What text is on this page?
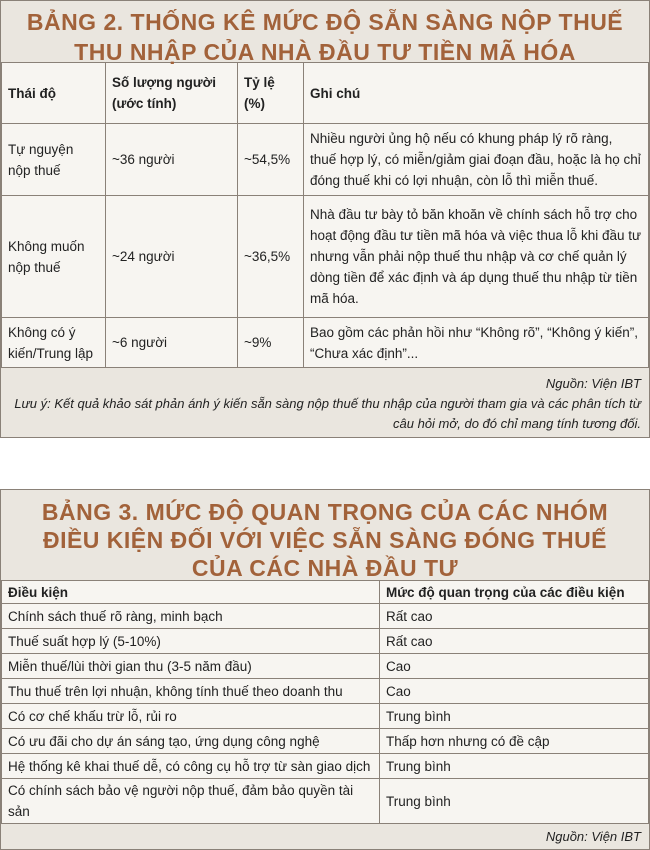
BẢNG 2. THỐNG KÊ MỨC ĐỘ SẴN SÀNG NỘP THUẾ
THU NHẬP CỦA NHÀ ĐẦU TƯ TIỀN MÃ HÓA
Thái độ	Số lượng người (ước tính)	Tỷ lệ (%)	Ghi chú
Tự nguyện nộp thuế	~36 người	~54,5%	Nhiều người ủng hộ nếu có khung pháp lý rõ ràng, thuế hợp lý, có miễn/giảm giai đoạn đầu, hoặc là họ chỉ đóng thuế khi có lợi nhuận, còn lỗ thì miễn thuế.
Không muốn nộp thuế	~24 người	~36,5%	Nhà đầu tư bày tỏ băn khoăn về chính sách hỗ trợ cho hoạt động đầu tư tiền mã hóa và việc thua lỗ khi đầu tư nhưng vẫn phải nộp thuế thu nhập và cơ chế quản lý dòng tiền để xác định và áp dụng thuế thu nhập từ tiền mã hóa.
Không có ý kiến/Trung lập	~6 người	~9%	Bao gồm các phản hồi như “Không rõ”, “Không ý kiến”, “Chưa xác định”...
Nguồn: Viện IBT
Lưu ý: Kết quả khảo sát phản ánh ý kiến sẵn sàng nộp thuế thu nhập của người tham gia và các phân tích từ câu hỏi mở, do đó chỉ mang tính tương đối.
BẢNG 3. MỨC ĐỘ QUAN TRỌNG CỦA CÁC NHÓM
ĐIỀU KIỆN ĐỐI VỚI VIỆC SẴN SÀNG ĐÓNG THUẾ
CỦA CÁC NHÀ ĐẦU TƯ
Điều kiện	Mức độ quan trọng của các điều kiện
Chính sách thuế rõ ràng, minh bạch	Rất cao
Thuế suất hợp lý (5-10%)	Rất cao
Miễn thuế/lùi thời gian thu (3-5 năm đầu)	Cao
Thu thuế trên lợi nhuận, không tính thuế theo doanh thu	Cao
Có cơ chế khấu trừ lỗ, rủi ro	Trung bình
Có ưu đãi cho dự án sáng tạo, ứng dụng công nghệ	Thấp hơn nhưng có đề cập
Hệ thống kê khai thuế dễ, có công cụ hỗ trợ từ sàn giao dịch	Trung bình
Có chính sách bảo vệ người nộp thuế, đảm bảo quyền tài sản	Trung bình
Nguồn: Viện IBT
